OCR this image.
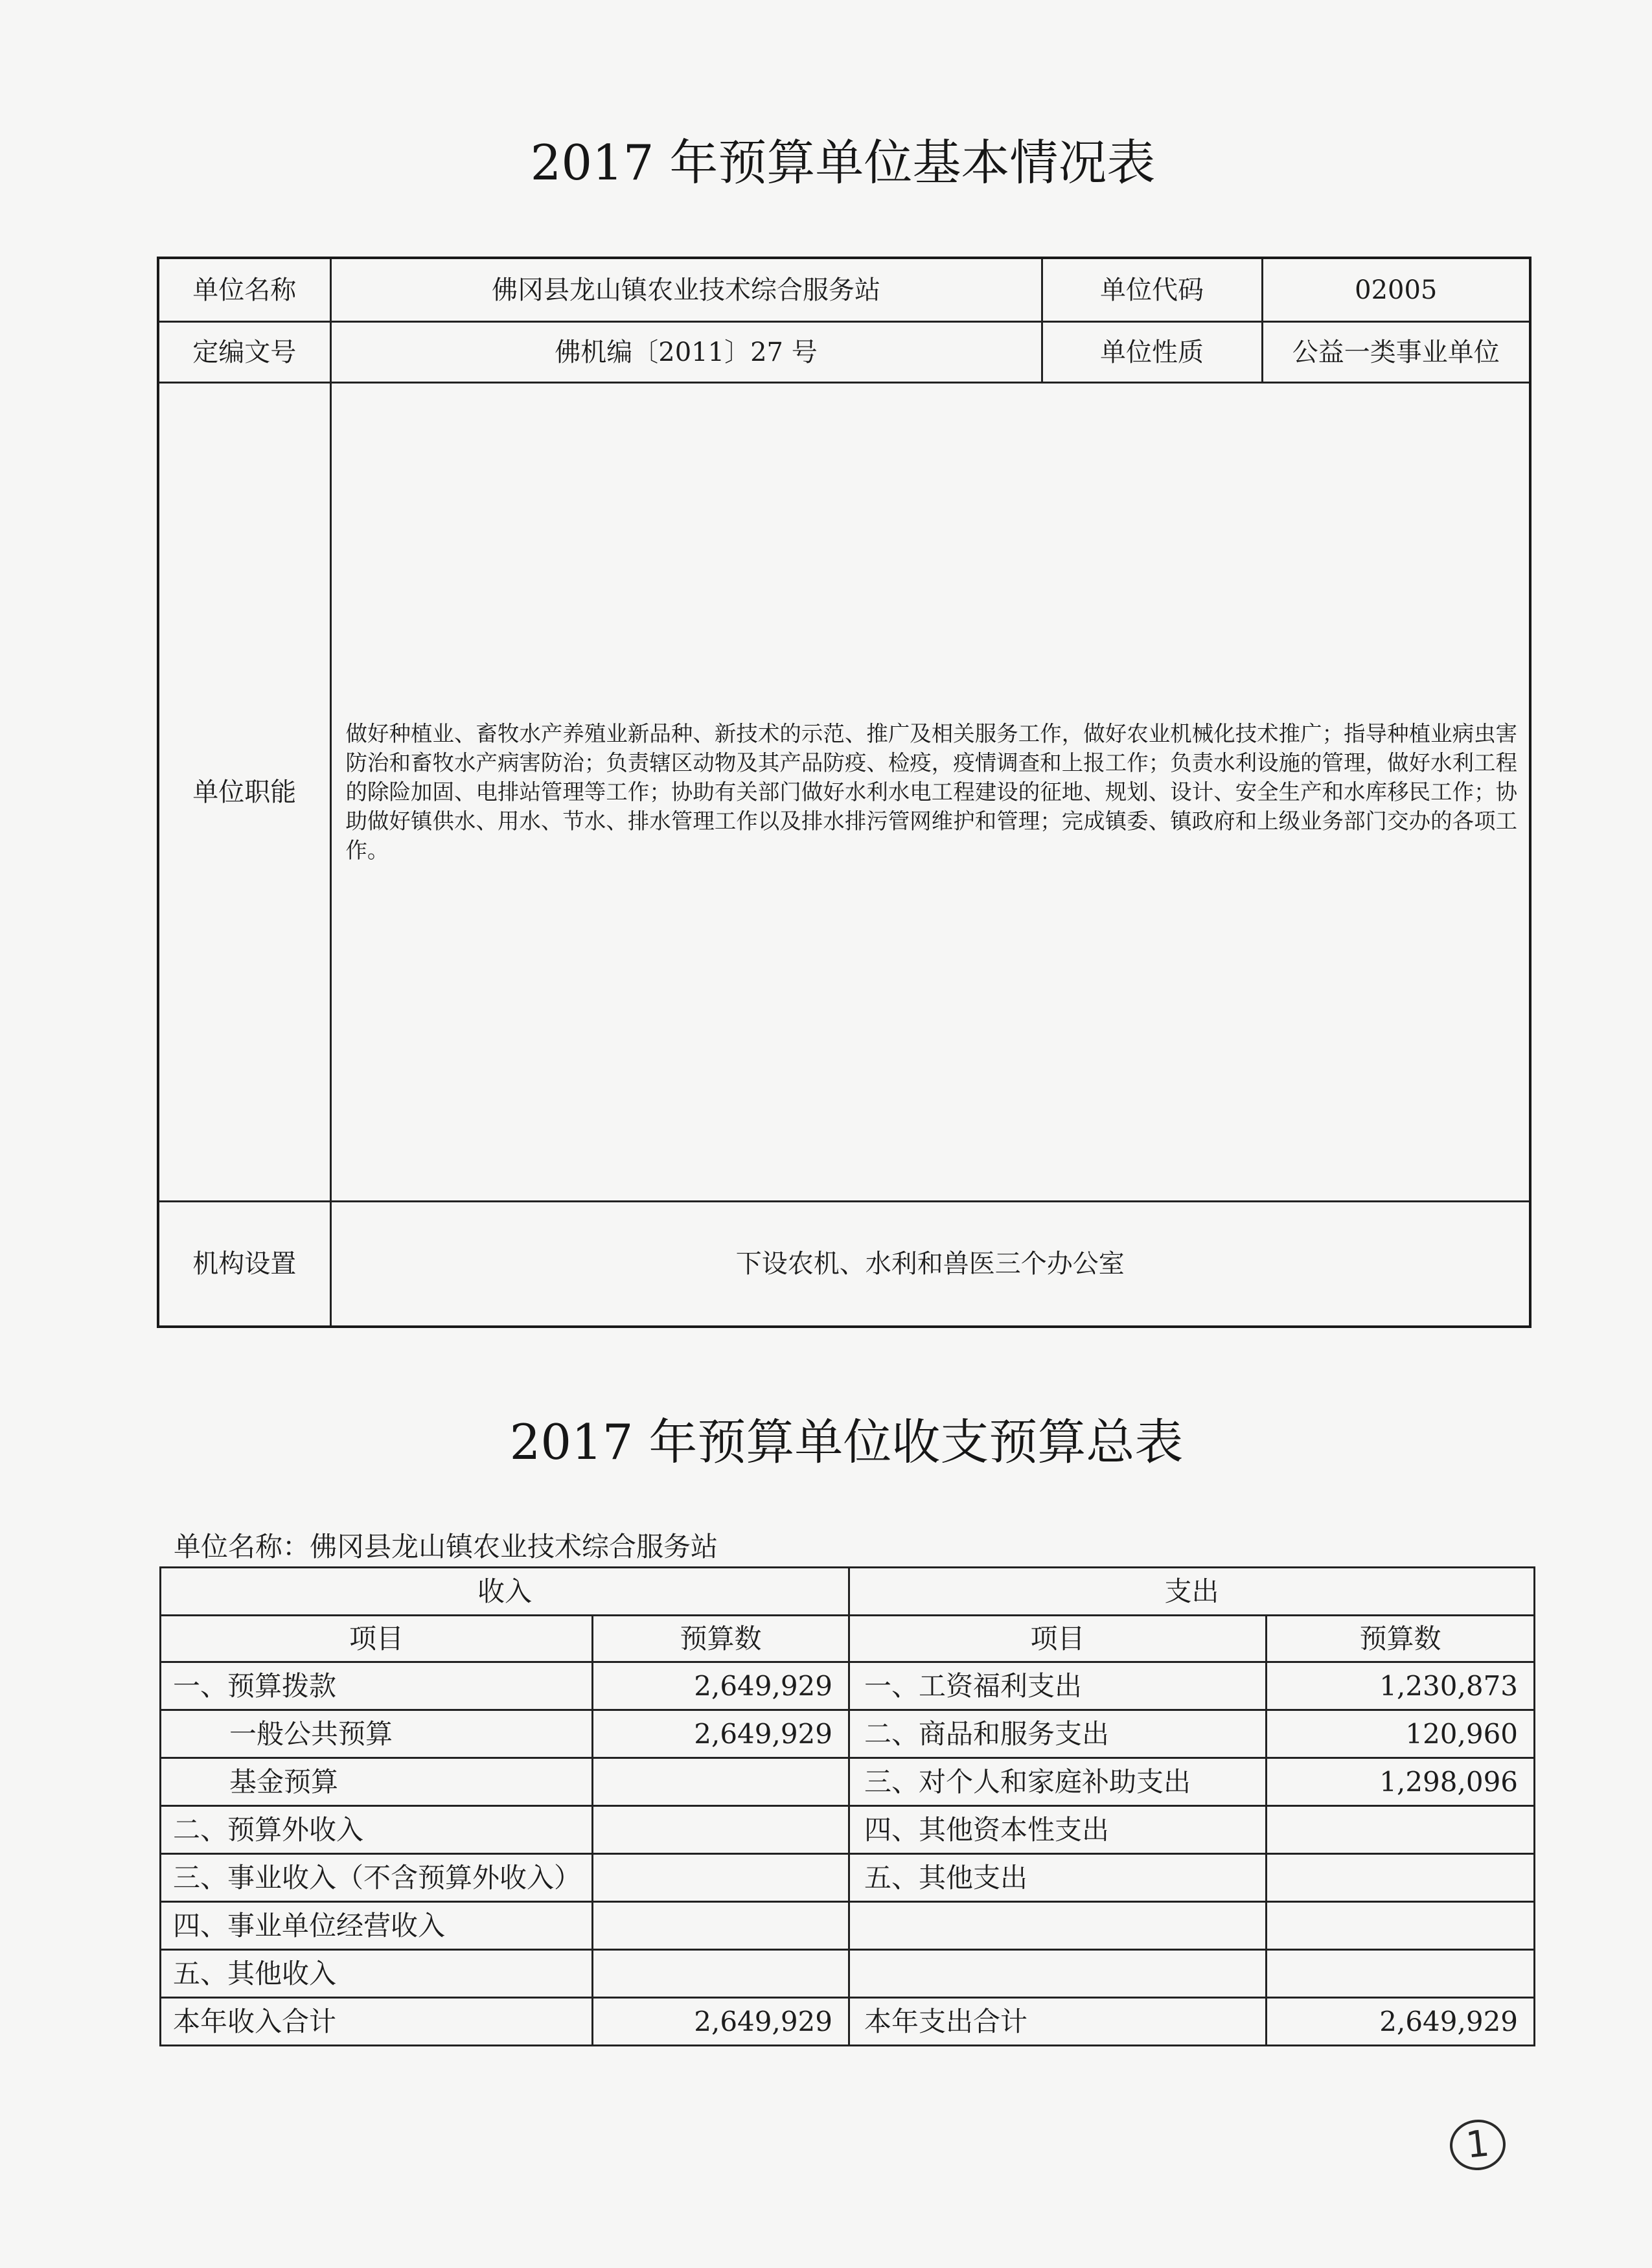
2017 年预算单位基本情况表
单位名称	佛冈县龙山镇农业技术综合服务站	单位代码	02005
定编文号	佛机编〔2011〕27 号	单位性质	公益一类事业单位
单位职能	做好种植业、畜牧水产养殖业新品种、新技术的示范、推广及相关服务工作，做好农业机械化技术推广；指导种植业病虫害防治和畜牧水产病害防治；负责辖区动物及其产品防疫、检疫，疫情调查和上报工作；负责水利设施的管理，做好水利工程的除险加固、电排站管理等工作；协助有关部门做好水利水电工程建设的征地、规划、设计、安全生产和水库移民工作；协助做好镇供水、用水、节水、排水管理工作以及排水排污管网维护和管理；完成镇委、镇政府和上级业务部门交办的各项工作。		
机构设置	下设农机、水利和兽医三个办公室		
2017 年预算单位收支预算总表
单位名称：佛冈县龙山镇农业技术综合服务站
收入		支出	
项目	预算数	项目	预算数
一、预算拨款	2,649,929	一、工资福利支出	1,230,873
一般公共预算	2,649,929	二、商品和服务支出	120,960
基金预算		三、对个人和家庭补助支出	1,298,096
二、预算外收入		四、其他资本性支出	
三、事业收入（不含预算外收入）		五、其他支出	
四、事业单位经营收入			
五、其他收入			
本年收入合计	2,649,929	本年支出合计	2,649,929
1
